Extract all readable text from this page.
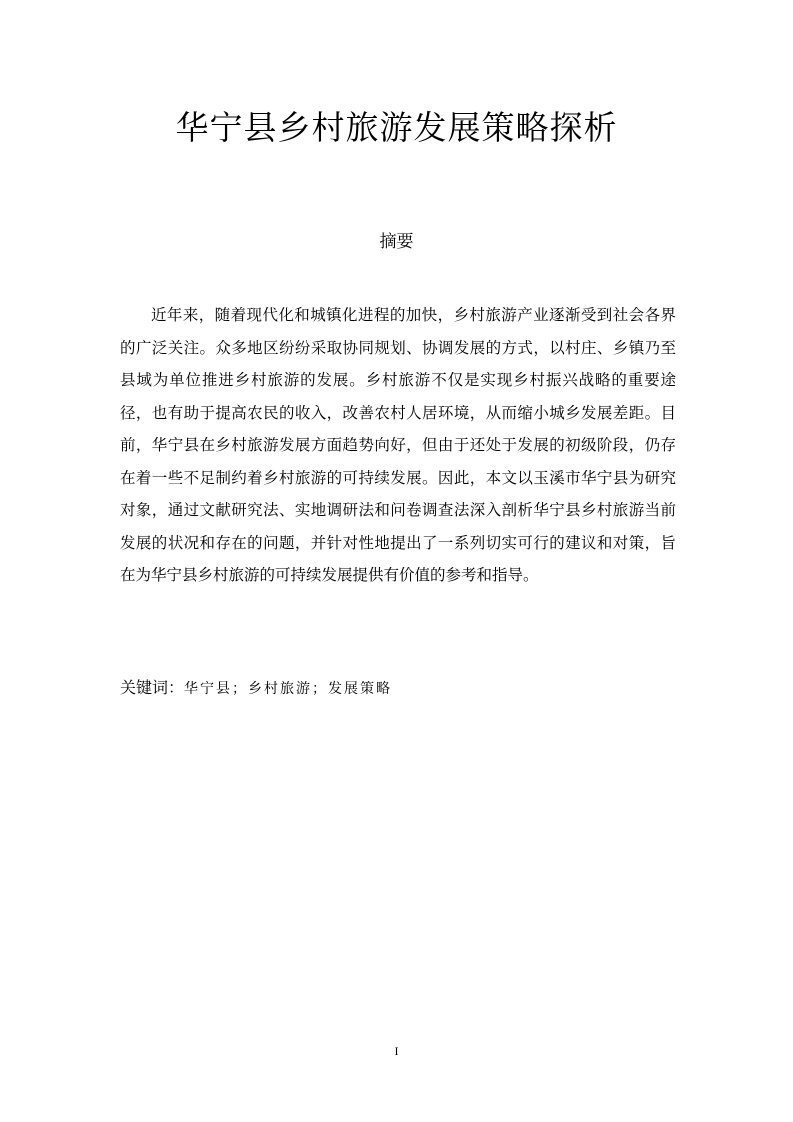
华宁县乡村旅游发展策略探析
摘要

近年来，随着现代化和城镇化进程的加快，乡村旅游产业逐渐受到社会各界的广泛关注。众多地区纷纷采取协同规划、协调发展的方式，以村庄、乡镇乃至县域为单位推进乡村旅游的发展。乡村旅游不仅是实现乡村振兴战略的重要途径，也有助于提高农民的收入，改善农村人居环境，从而缩小城乡发展差距。目前，华宁县在乡村旅游发展方面趋势向好，但由于还处于发展的初级阶段，仍存在着一些不足制约着乡村旅游的可持续发展。因此，本文以玉溪市华宁县为研究对象，通过文献研究法、实地调研法和问卷调查法深入剖析华宁县乡村旅游当前发展的状况和存在的问题，并针对性地提出了一系列切实可行的建议和对策，旨在为华宁县乡村旅游的可持续发展提供有价值的参考和指导。

关键词：华宁县；乡村旅游；发展策略

I
